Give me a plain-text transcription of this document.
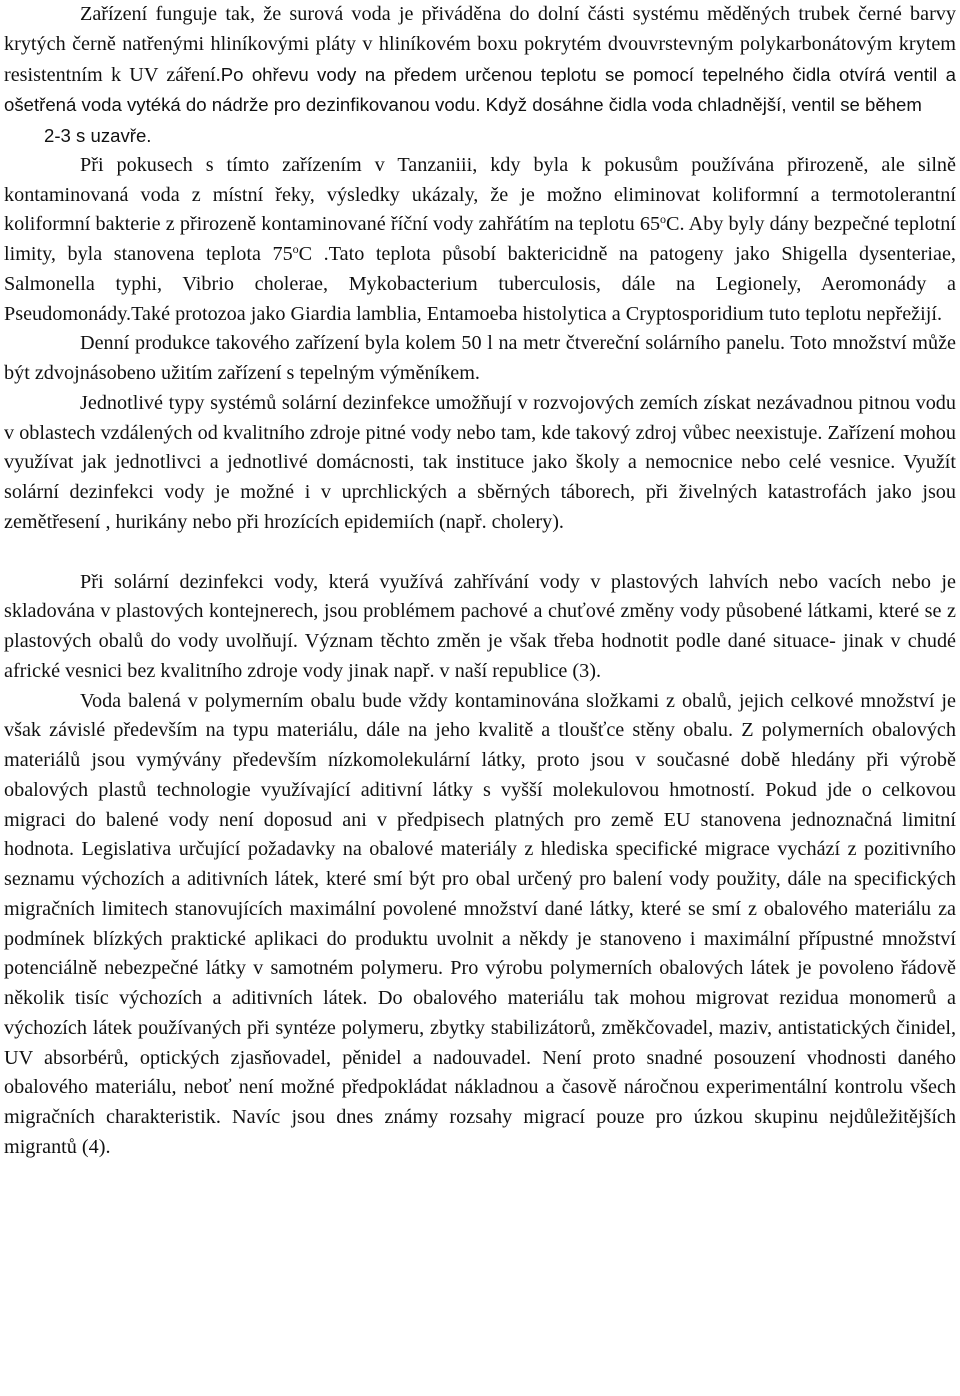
Zařízení funguje tak, že surová voda je přiváděna do dolní části systému měděných trubek černé barvy krytých černě natřenými hliníkovými pláty v hliníkovém boxu pokrytém dvouvrstevným polykarbonátovým krytem resistentním k UV záření.Po ohřevu vody na předem určenou teplotu se pomocí tepelného čidla otvírá ventil a ošetřená voda vytéká do nádrže pro dezinfikovanou vodu. Když dosáhne čidla voda chladnější, ventil se během

2-3 s uzavře.

Při pokusech s tímto zařízením v Tanzaniii, kdy byla k pokusům používána přirozeně, ale silně kontaminovaná voda z místní řeky, výsledky ukázaly, že je možno eliminovat koliformní a termotolerantní koliformní bakterie z přirozeně kontaminované říční vody zahřátím na teplotu 65$^o$C. Aby byly dány bezpečné teplotní limity, byla stanovena teplota 75$^o$C .Tato teplota působí baktericidně na patogeny jako Shigella dysenteriae, Salmonella typhi, Vibrio cholerae, Mykobacterium tuberculosis, dále na Legionely, Aeromonády a Pseudomonády.Také protozoa jako Giardia lamblia, Entamoeba histolytica a Cryptosporidium tuto teplotu nepřežijí.

Denní produkce takového zařízení byla kolem 50 l na metr čtvereční solárního panelu. Toto množství může být zdvojnásobeno užitím zařízení s tepelným výměníkem.

Jednotlivé typy systémů solární dezinfekce umožňují v rozvojových zemích získat nezávadnou pitnou vodu v oblastech vzdálených od kvalitního zdroje pitné vody nebo tam, kde takový zdroj vůbec neexistuje. Zařízení mohou využívat jak jednotlivci a jednotlivé domácnosti, tak instituce jako školy a nemocnice nebo celé vesnice. Využít solární dezinfekci vody je možné i v uprchlických a sběrných táborech, při živelných katastrofách jako jsou zemětřesení , hurikány nebo při hrozících epidemiích (např. cholery).

Při solární dezinfekci vody, která využívá zahřívání vody v plastových lahvích nebo vacích nebo je skladována v plastových kontejnerech, jsou problémem pachové a chuťové změny vody působené látkami, které se z plastových obalů do vody uvolňují. Význam těchto změn je však třeba hodnotit podle dané situace- jinak v chudé africké vesnici bez kvalitního zdroje vody jinak např. v naší republice (3).

Voda balená v polymerním obalu bude vždy kontaminována složkami z obalů, jejich celkové množství je však závislé především na typu materiálu, dále na jeho kvalitě a tloušťce stěny obalu. Z polymerních obalových materiálů jsou vymývány především nízkomolekulární látky, proto jsou v současné době hledány při výrobě obalových plastů technologie využívající aditivní látky s vyšší molekulovou hmotností. Pokud jde o celkovou migraci do balené vody není doposud ani v předpisech platných pro země EU stanovena jednoznačná limitní hodnota. Legislativa určující požadavky na obalové materiály z hlediska specifické migrace vychází z pozitivního seznamu výchozích a aditivních látek, které smí být pro obal určený pro balení vody použity, dále na specifických migračních limitech stanovujících maximální povolené množství dané látky, které se smí z obalového materiálu za podmínek blízkých praktické aplikaci do produktu uvolnit a někdy je stanoveno i maximální přípustné množství potenciálně nebezpečné látky v samotném polymeru. Pro výrobu polymerních obalových látek je povoleno řádově několik tisíc výchozích a aditivních látek. Do obalového materiálu tak mohou migrovat rezidua monomerů a výchozích látek používaných při syntéze polymeru, zbytky stabilizátorů, změkčovadel, maziv, antistatických činidel, UV absorbérů, optických zjasňovadel, pěnidel a nadouvadel. Není proto snadné posouzení vhodnosti daného obalového materiálu, neboť není možné předpokládat nákladnou a časově náročnou experimentální kontrolu všech migračních charakteristik. Navíc jsou dnes známy rozsahy migrací pouze pro úzkou skupinu nejdůležitějších migrantů (4).
